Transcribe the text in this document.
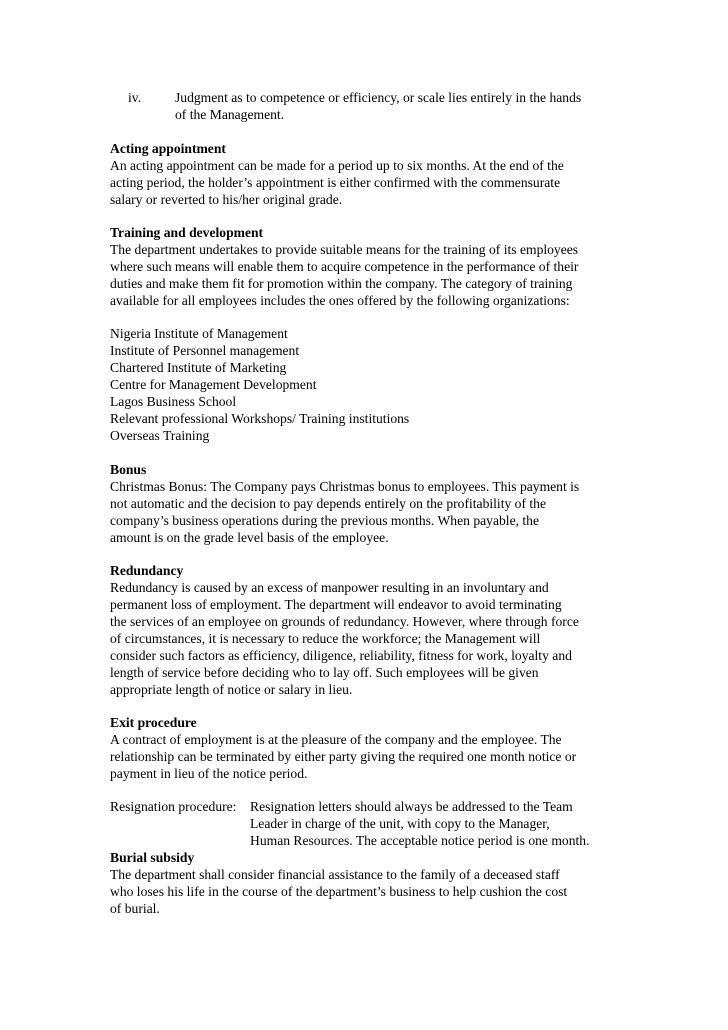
iv. Judgment as to competence or efficiency, or scale lies entirely in the hands
of the Management.
Acting appointment
An acting appointment can be made for a period up to six months. At the end of the
acting period, the holder’s appointment is either confirmed with the commensurate
salary or reverted to his/her original grade.
Training and development
The department undertakes to provide suitable means for the training of its employees
where such means will enable them to acquire competence in the performance of their
duties and make them fit for promotion within the company. The category of training
available for all employees includes the ones offered by the following organizations:
Nigeria Institute of Management
Institute of Personnel management
Chartered Institute of Marketing
Centre for Management Development
Lagos Business School
Relevant professional Workshops/ Training institutions
Overseas Training
Bonus
Christmas Bonus: The Company pays Christmas bonus to employees. This payment is
not automatic and the decision to pay depends entirely on the profitability of the
company’s business operations during the previous months. When payable, the
amount is on the grade level basis of the employee.
Redundancy
Redundancy is caused by an excess of manpower resulting in an involuntary and
permanent loss of employment. The department will endeavor to avoid terminating
the services of an employee on grounds of redundancy. However, where through force
of circumstances, it is necessary to reduce the workforce; the Management will
consider such factors as efficiency, diligence, reliability, fitness for work, loyalty and
length of service before deciding who to lay off. Such employees will be given
appropriate length of notice or salary in lieu.
Exit procedure
A contract of employment is at the pleasure of the company and the employee. The
relationship can be terminated by either party giving the required one month notice or
payment in lieu of the notice period.
Resignation procedure: Resignation letters should always be addressed to the Team
Leader in charge of the unit, with copy to the Manager,
Human Resources. The acceptable notice period is one month.
Burial subsidy
The department shall consider financial assistance to the family of a deceased staff
who loses his life in the course of the department’s business to help cushion the cost
of burial.
